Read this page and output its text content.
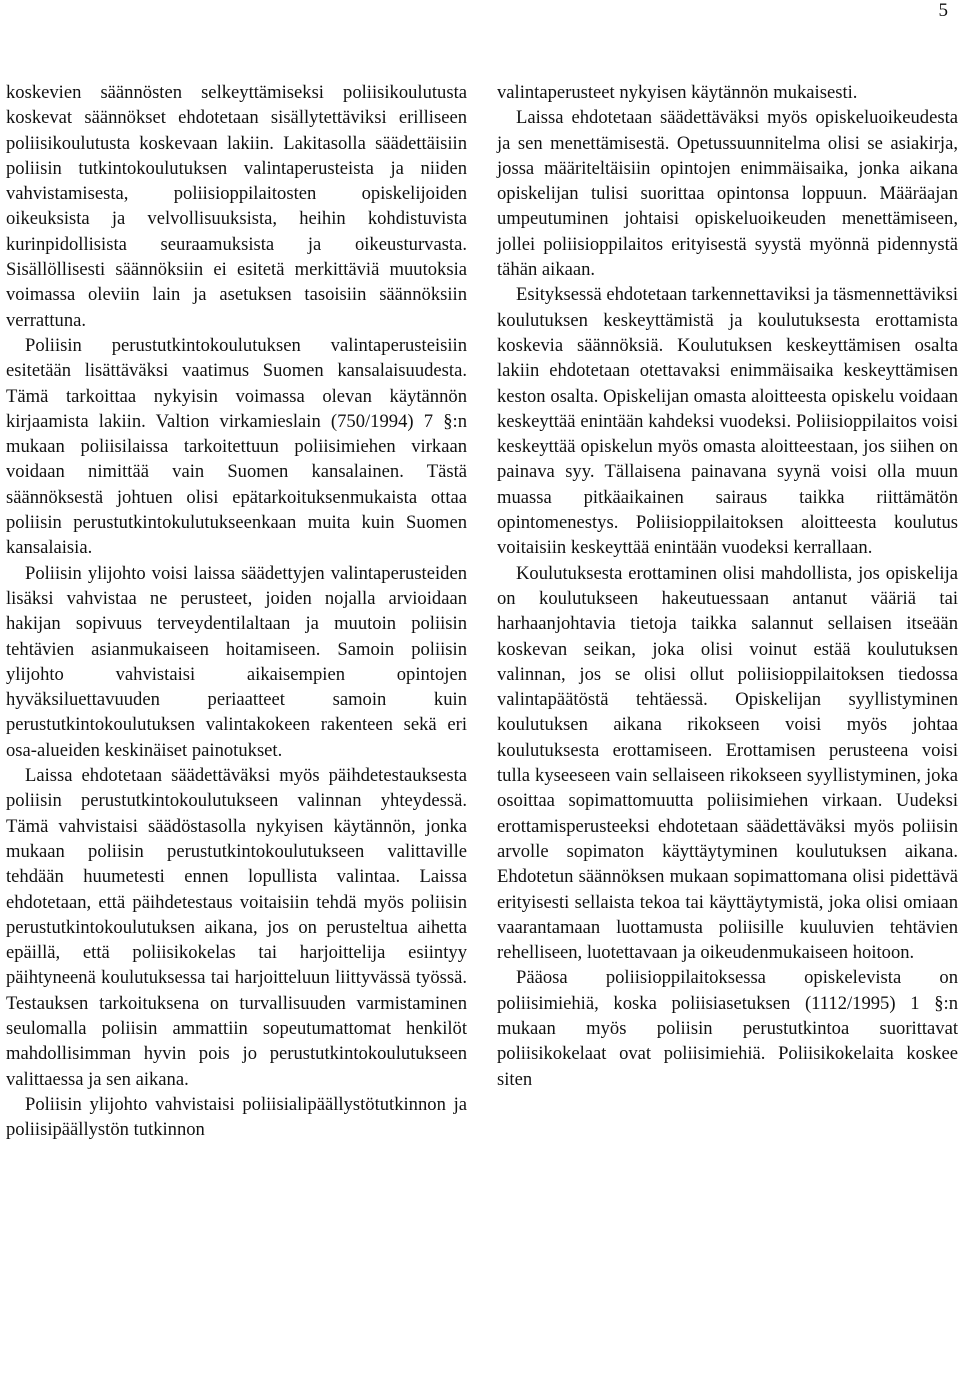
5

koskevien säännösten selkeyttämiseksi poliisikoulutusta koskevat säännökset ehdotetaan sisällytettäviksi erilliseen poliisikoulutusta koskevaan lakiin. Lakitasolla säädettäisiin poliisin tutkintokoulutuksen valintaperusteista ja niiden vahvistamisesta, poliisioppilaitosten opiskelijoiden oikeuksista ja velvollisuuksista, heihin kohdistuvista kurinpidollisista seuraamuksista ja oikeusturvasta. Sisällöllisesti säännöksiin ei esitetä merkittäviä muutoksia voimassa oleviin lain ja asetuksen tasoisiin säännöksiin verrattuna.

Poliisin perustutkintokoulutuksen valintaperusteisiin esitetään lisättäväksi vaatimus Suomen kansalaisuudesta. Tämä tarkoittaa nykyisin voimassa olevan käytännön kirjaamista lakiin. Valtion virkamieslain (750/1994) 7 §:n mukaan poliisilaissa tarkoitettuun poliisimiehen virkaan voidaan nimittää vain Suomen kansalainen. Tästä säännöksestä johtuen olisi epätarkoituksenmukaista ottaa poliisin perustutkintokulutukseenkaan muita kuin Suomen kansalaisia.

Poliisin ylijohto voisi laissa säädettyjen valintaperusteiden lisäksi vahvistaa ne perusteet, joiden nojalla arvioidaan hakijan sopivuus terveydentilaltaan ja muutoin poliisin tehtävien asianmukaiseen hoitamiseen. Samoin poliisin ylijohto vahvistaisi aikaisempien opintojen hyväksiluettavuuden periaatteet samoin kuin perustutkintokoulutuksen valintakokeen rakenteen sekä eri osa-alueiden keskinäiset painotukset.

Laissa ehdotetaan säädettäväksi myös päihdetestauksesta poliisin perustutkintokoulutukseen valinnan yhteydessä. Tämä vahvistaisi säädöstasolla nykyisen käytännön, jonka mukaan poliisin perustutkintokoulutukseen valittaville tehdään huumetesti ennen lopullista valintaa. Laissa ehdotetaan, että päihdetestaus voitaisiin tehdä myös poliisin perustutkintokoulutuksen aikana, jos on perusteltua aihetta epäillä, että poliisikokelas tai harjoittelija esiintyy päihtyneenä koulutuksessa tai harjoitteluun liittyvässä työssä. Testauksen tarkoituksena on turvallisuuden varmistaminen seulomalla poliisin ammattiin sopeutumattomat henkilöt mahdollisimman hyvin pois jo perustutkintokoulutukseen valittaessa ja sen aikana.

Poliisin ylijohto vahvistaisi poliisialipäällystötutkinnon ja poliisipäällystön tutkinnon

valintaperusteet nykyisen käytännön mukaisesti.

Laissa ehdotetaan säädettäväksi myös opiskeluoikeudesta ja sen menettämisestä. Opetussuunnitelma olisi se asiakirja, jossa määriteltäisiin opintojen enimmäisaika, jonka aikana opiskelijan tulisi suorittaa opintonsa loppuun. Määräajan umpeutuminen johtaisi opiskeluoikeuden menettämiseen, jollei poliisioppilaitos erityisestä syystä myönnä pidennystä tähän aikaan.

Esityksessä ehdotetaan tarkennettaviksi ja täsmennettäviksi koulutuksen keskeyttämistä ja koulutuksesta erottamista koskevia säännöksiä. Koulutuksen keskeyttämisen osalta lakiin ehdotetaan otettavaksi enimmäisaika keskeyttämisen keston osalta. Opiskelijan omasta aloitteesta opiskelu voidaan keskeyttää enintään kahdeksi vuodeksi. Poliisioppilaitos voisi keskeyttää opiskelun myös omasta aloitteestaan, jos siihen on painava syy. Tällaisena painavana syynä voisi olla muun muassa pitkäaikainen sairaus taikka riittämätön opintomenestys. Poliisioppilaitoksen aloitteesta koulutus voitaisiin keskeyttää enintään vuodeksi kerrallaan.

Koulutuksesta erottaminen olisi mahdollista, jos opiskelija on koulutukseen hakeutuessaan antanut vääriä tai harhaanjohtavia tietoja taikka salannut sellaisen itseään koskevan seikan, joka olisi voinut estää koulutuksen valinnan, jos se olisi ollut poliisioppilaitoksen tiedossa valintapäätöstä tehtäessä. Opiskelijan syyllistyminen koulutuksen aikana rikokseen voisi myös johtaa koulutuksesta erottamiseen. Erottamisen perusteena voisi tulla kyseeseen vain sellaiseen rikokseen syyllistyminen, joka osoittaa sopimattomuutta poliisimiehen virkaan. Uudeksi erottamisperusteeksi ehdotetaan säädettäväksi myös poliisin arvolle sopimaton käyttäytyminen koulutuksen aikana. Ehdotetun säännöksen mukaan sopimattomana olisi pidettävä erityisesti sellaista tekoa tai käyttäytymistä, joka olisi omiaan vaarantamaan luottamusta poliisille kuuluvien tehtävien rehelliseen, luotettavaan ja oikeudenmukaiseen hoitoon.

Pääosa poliisioppilaitoksessa opiskelevista on poliisimiehiä, koska poliisiasetuksen (1112/1995) 1 §:n mukaan myös poliisin perustutkintoa suorittavat poliisikokelaat ovat poliisimiehiä. Poliisikokelaita koskee siten
